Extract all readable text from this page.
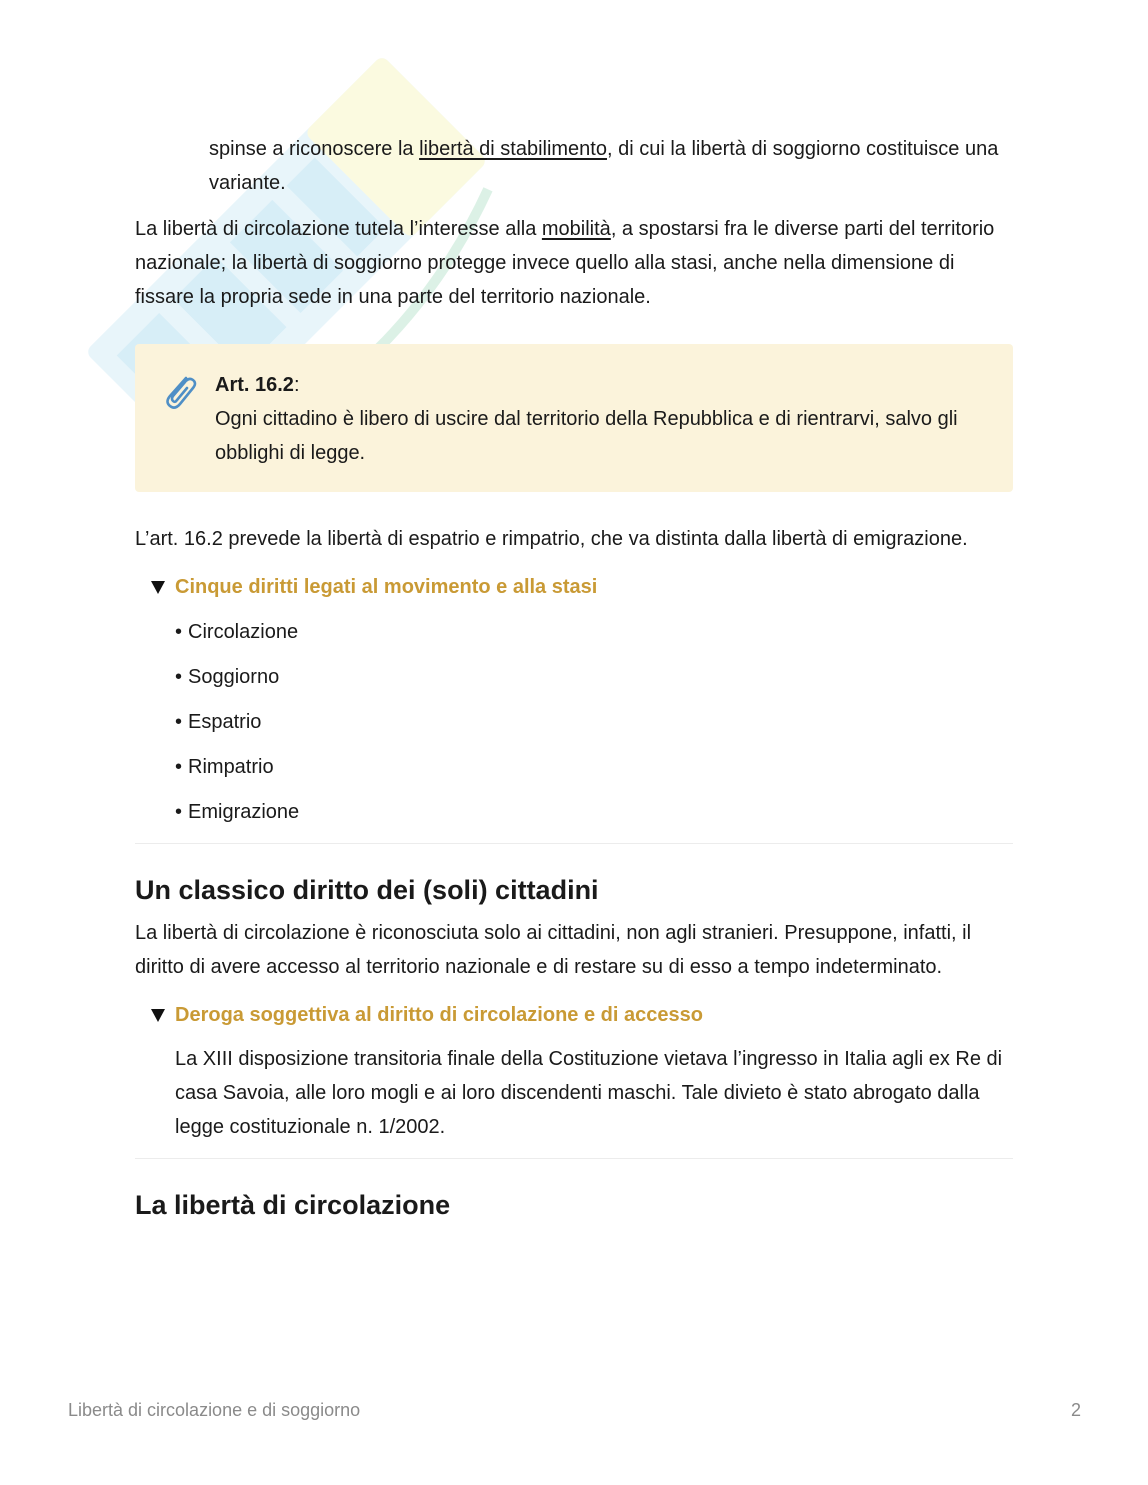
spinse a riconoscere la libertà di stabilimento, di cui la libertà di soggiorno costituisce una variante.

La libertà di circolazione tutela l’interesse alla mobilità, a spostarsi fra le diverse parti del territorio nazionale; la libertà di soggiorno protegge invece quello alla stasi, anche nella dimensione di fissare la propria sede in una parte del territorio nazionale.

Art. 16.2:

Ogni cittadino è libero di uscire dal territorio della Repubblica e di rientrarvi, salvo gli obblighi di legge.

L’art. 16.2 prevede la libertà di espatrio e rimpatrio, che va distinta dalla libertà di emigrazione.

Cinque diritti legati al movimento e alla stasi
• Circolazione
• Soggiorno
• Espatrio
• Rimpatrio
• Emigrazione
Un classico diritto dei (soli) cittadini

La libertà di circolazione è riconosciuta solo ai cittadini, non agli stranieri. Presuppone, infatti, il diritto di avere accesso al territorio nazionale e di restare su di esso a tempo indeterminato.

Deroga soggettiva al diritto di circolazione e di accesso

La XIII disposizione transitoria finale della Costituzione vietava l’ingresso in Italia agli ex Re di casa Savoia, alle loro mogli e ai loro discendenti maschi. Tale divieto è stato abrogato dalla legge costituzionale n. 1/2002.

La libertà di circolazione
Libertà di circolazione e di soggiorno	2
